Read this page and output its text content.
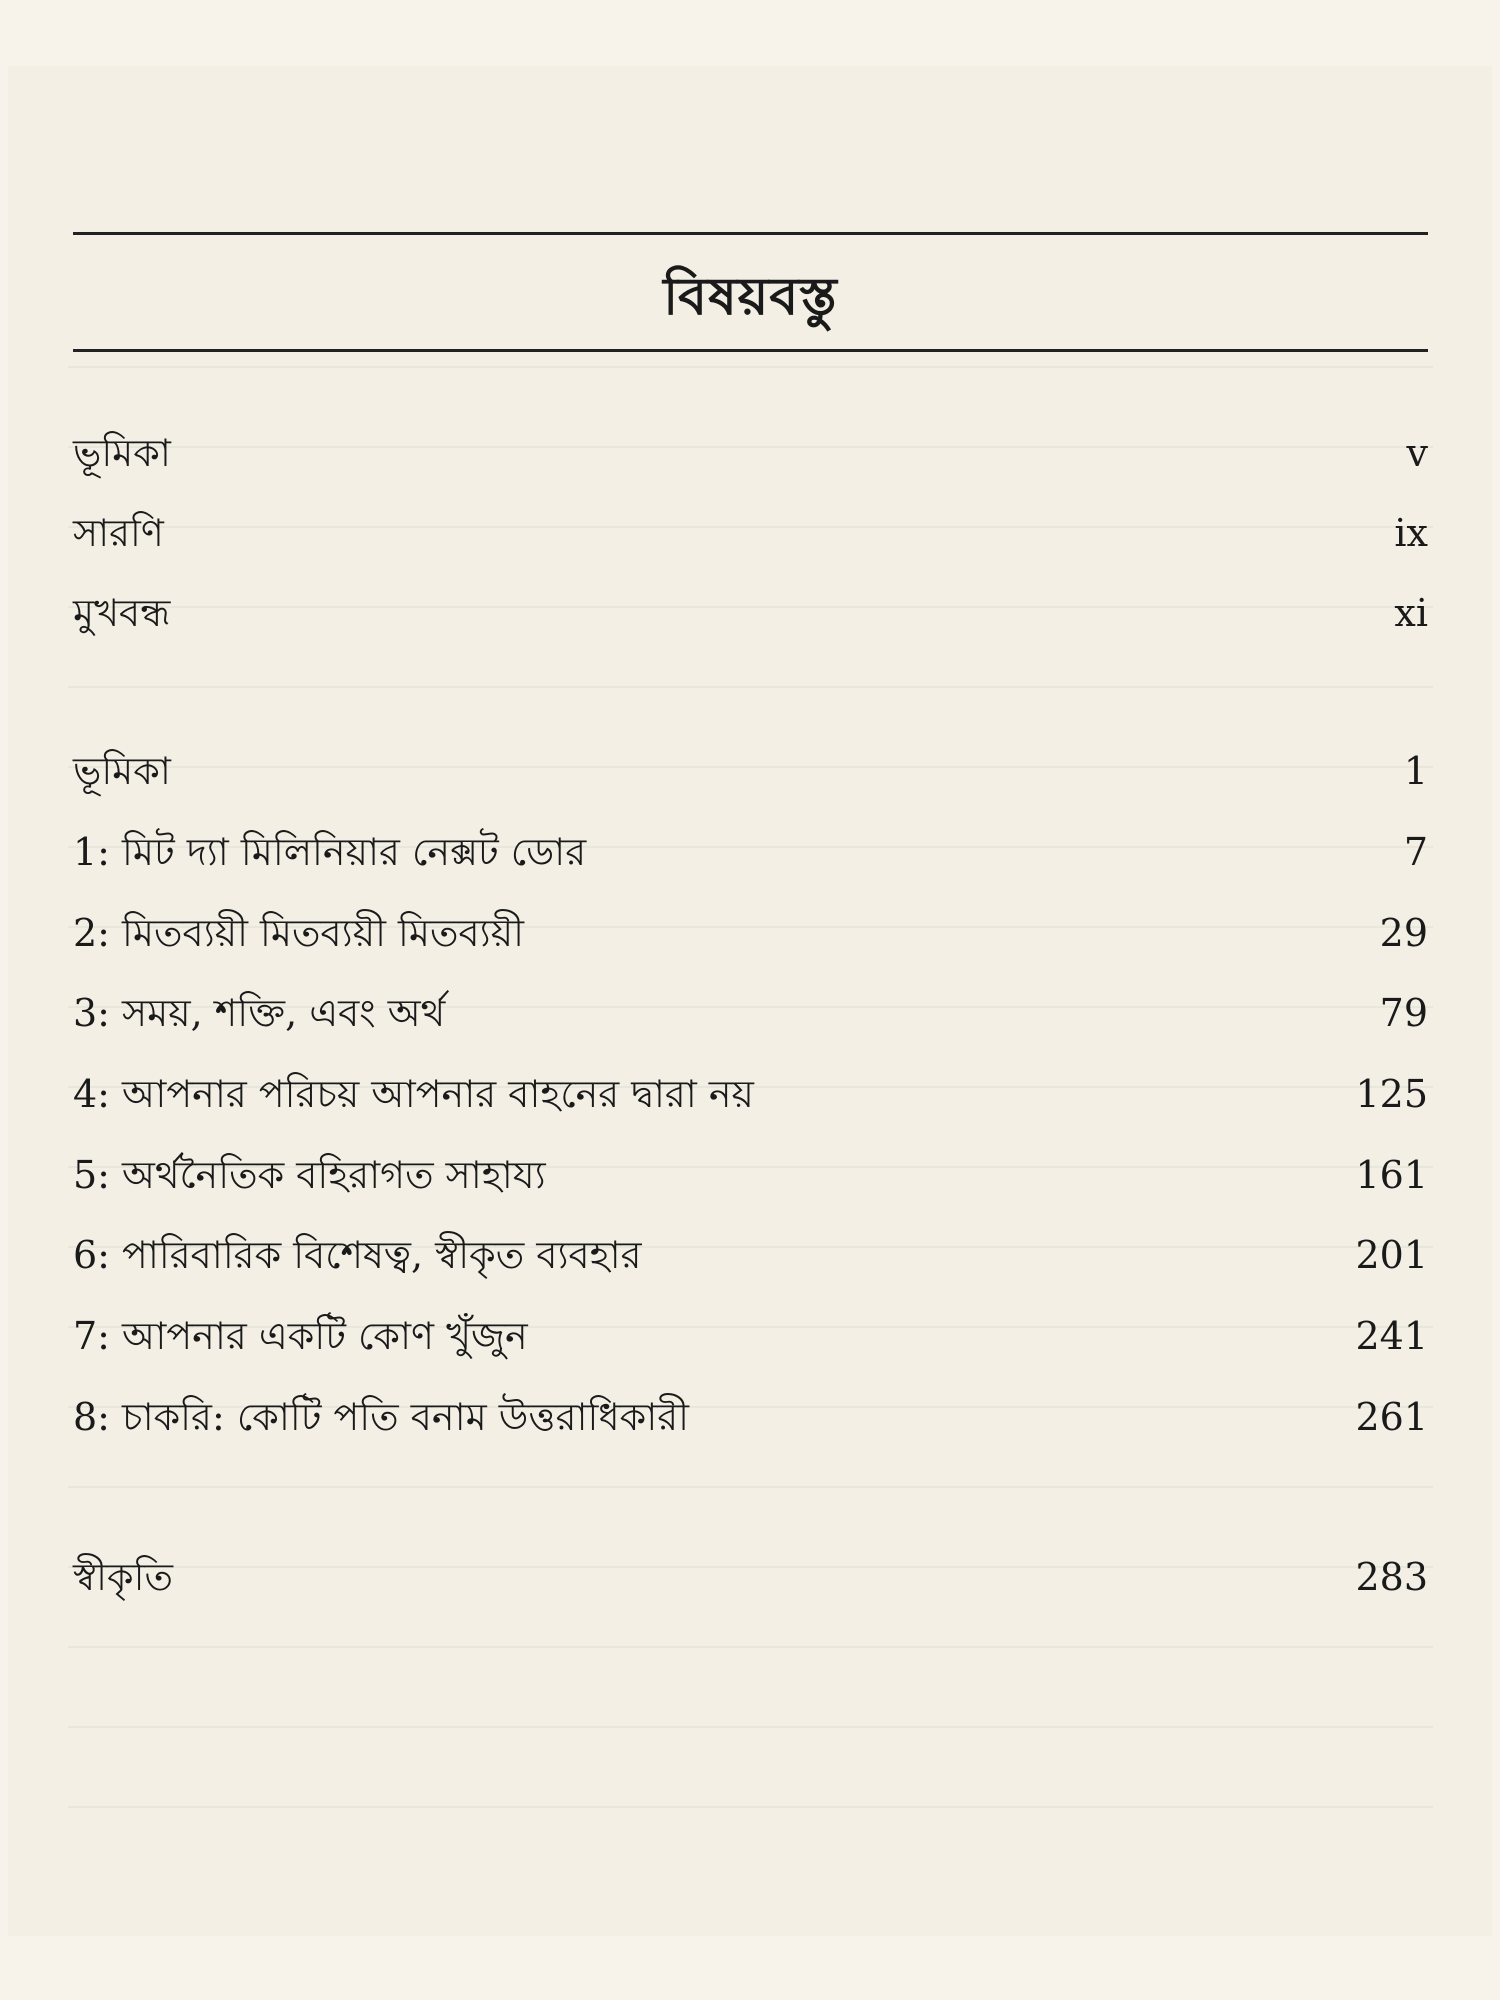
বিষয়বস্তু
ভূমিকা	v
সারণি	ix
মুখবন্ধ	xi
ভূমিকা	1
1: মিট দ্যা মিলিনিয়ার নেক্সট ডোর	7
2: মিতব্যয়ী মিতব্যয়ী মিতব্যয়ী	29
3: সময়, শক্তি, এবং অর্থ	79
4: আপনার পরিচয় আপনার বাহনের দ্বারা নয়	125
5: অর্থনৈতিক বহিরাগত সাহায্য	161
6: পারিবারিক বিশেষত্ব, স্বীকৃত ব্যবহার	201
7: আপনার একটি কোণ খুঁজুন	241
8: চাকরি: কোটি পতি বনাম উত্তরাধিকারী	261
স্বীকৃতি	283
